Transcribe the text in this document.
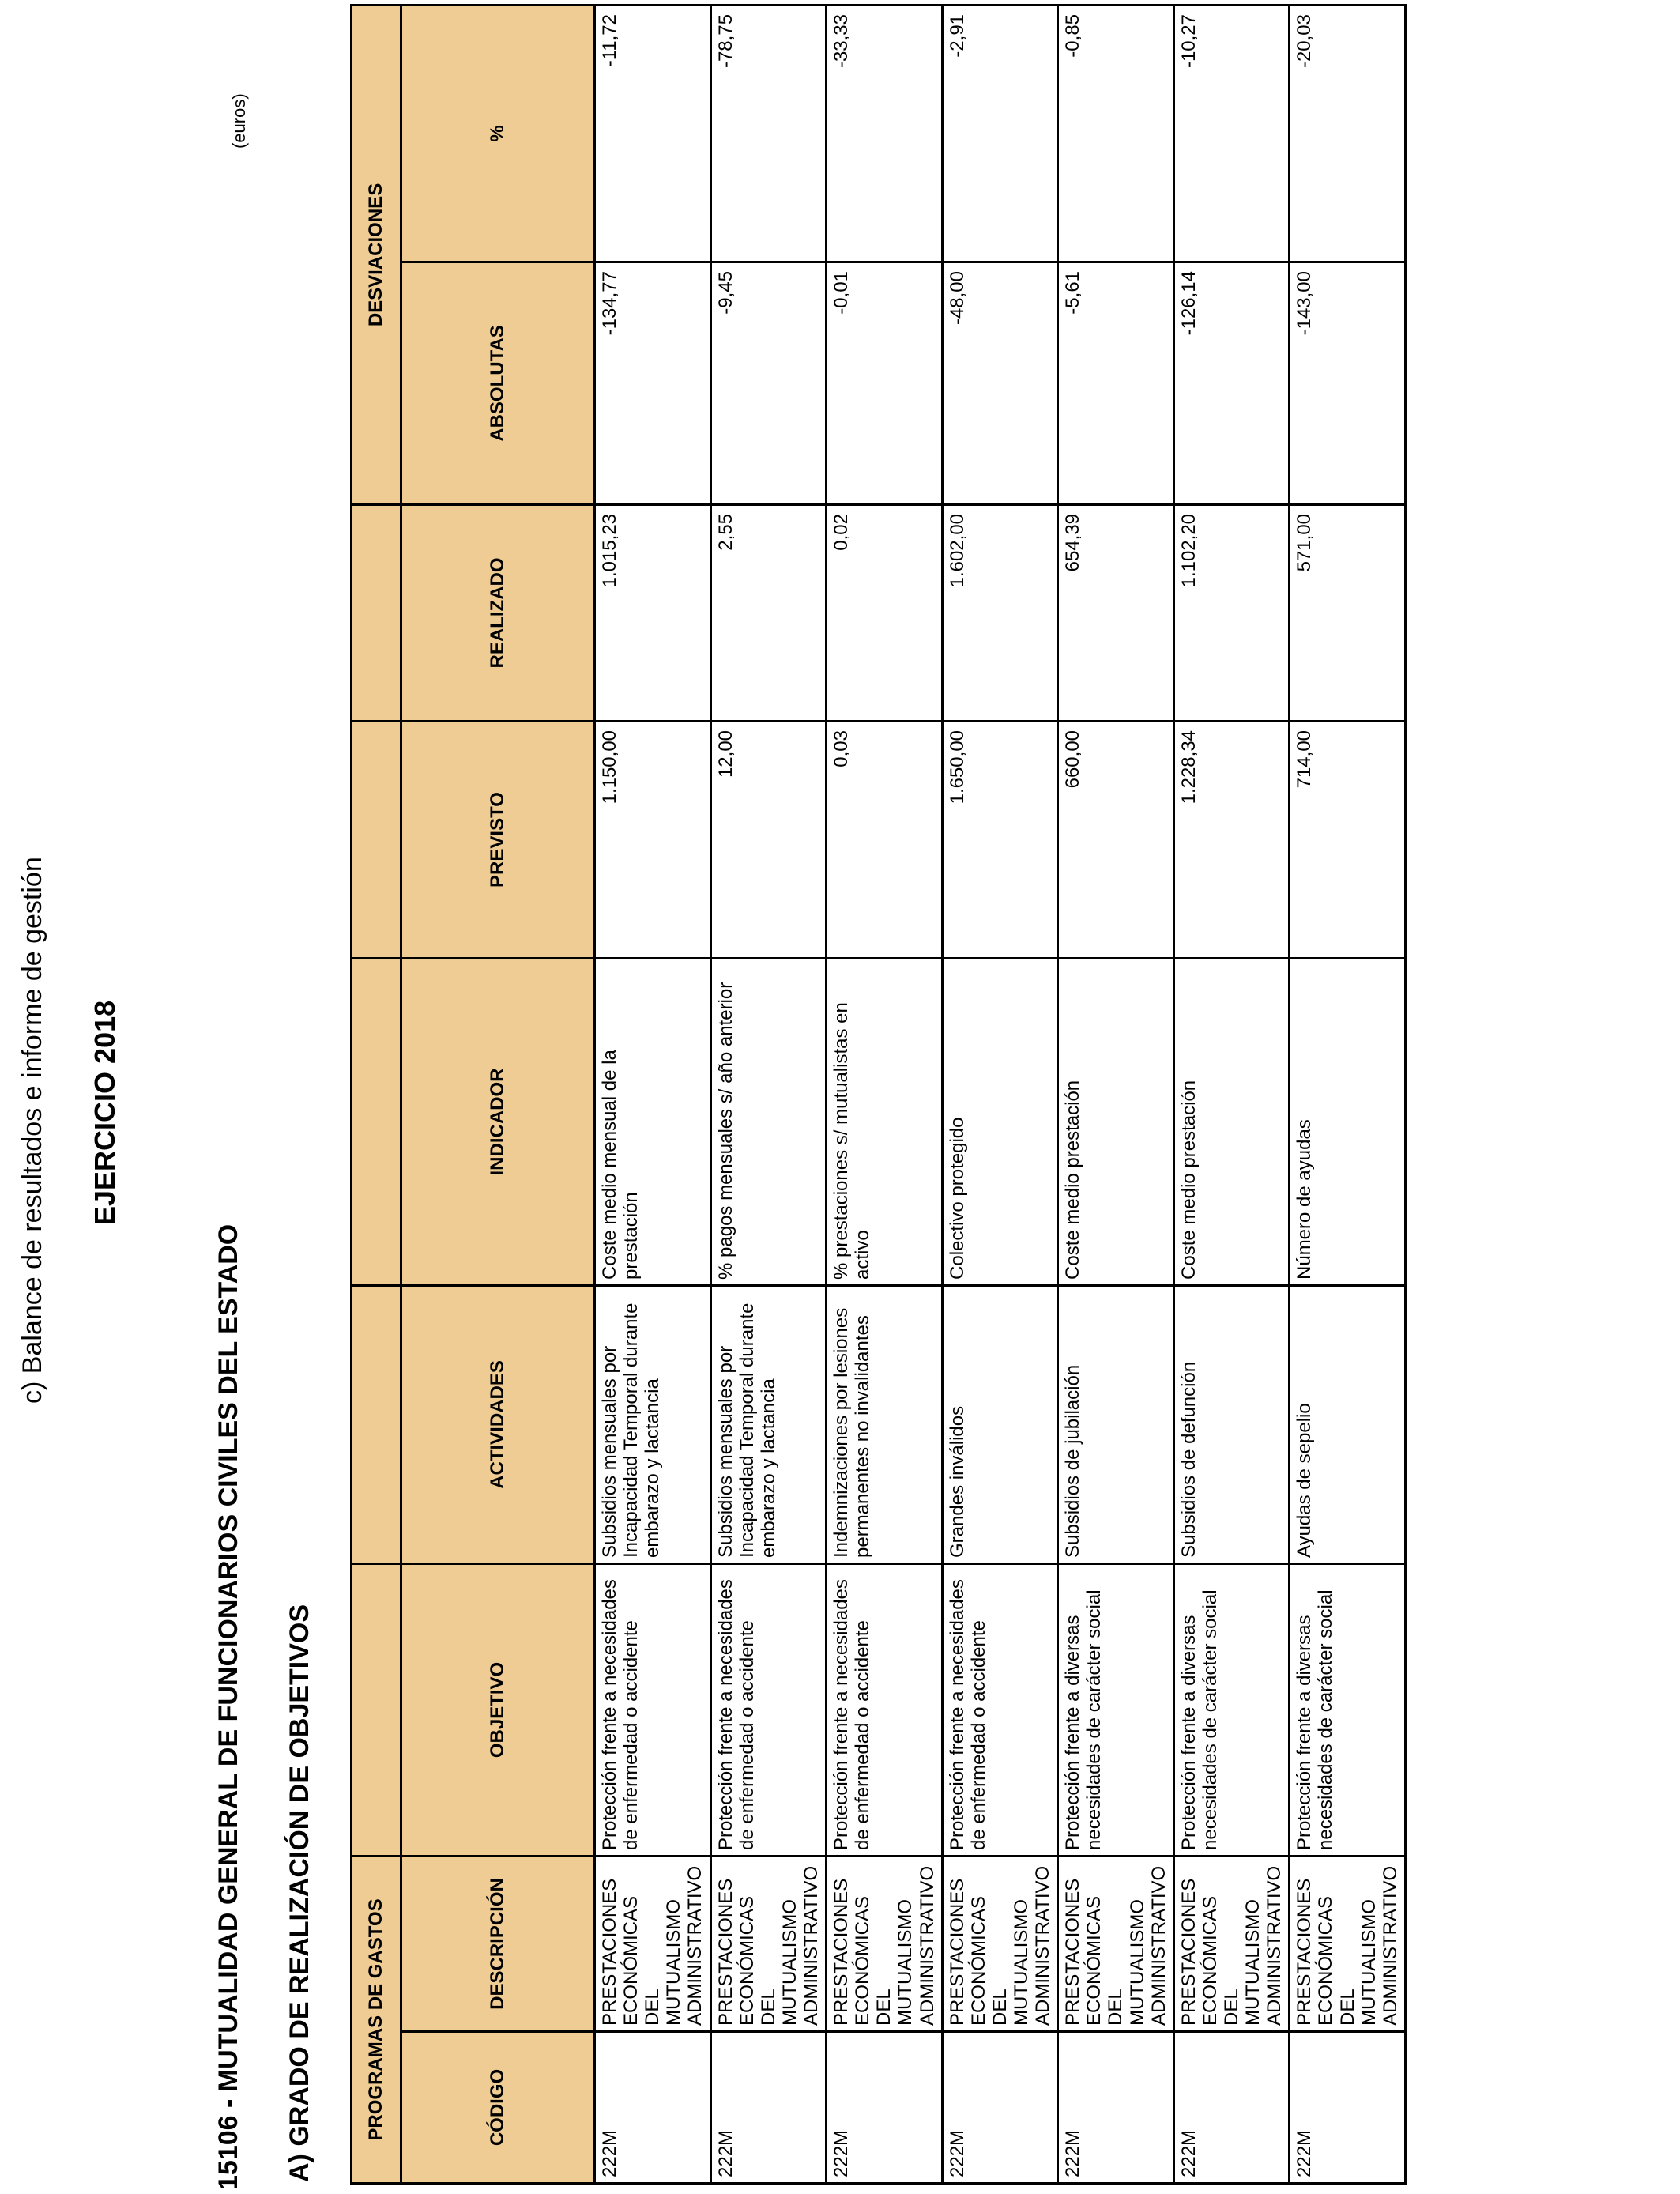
c) Balance de resultados e informe de gestión EJERCICIO 2018
15106 - MUTUALIDAD GENERAL DE FUNCIONARIOS CIVILES DEL ESTADO A) GRADO DE REALIZACIÓN DE OBJETIVOS
(euros)
PROGRAMAS DE GASTOS							DESVIACIONES	
CÓDIGO	DESCRIPCIÓN	OBJETIVO	ACTIVIDADES	INDICADOR	PREVISTO	REALIZADO	ABSOLUTAS	%
222M	PRESTACIONES ECONÓMICAS DEL MUTUALISMO ADMINISTRATIVO	Protección frente a necesidades de enfermedad o accidente	Subsidios mensuales por Incapacidad Temporal durante embarazo y lactancia	Coste medio mensual de la prestación	1.150,00	1.015,23	-134,77	-11,72
222M	PRESTACIONES ECONÓMICAS DEL MUTUALISMO ADMINISTRATIVO	Protección frente a necesidades de enfermedad o accidente	Subsidios mensuales por Incapacidad Temporal durante embarazo y lactancia	% pagos mensuales s/ año anterior	12,00	2,55	-9,45	-78,75
222M	PRESTACIONES ECONÓMICAS DEL MUTUALISMO ADMINISTRATIVO	Protección frente a necesidades de enfermedad o accidente	Indemnizaciones por lesiones permanentes no invalidantes	% prestaciones s/ mutualistas en activo	0,03	0,02	-0,01	-33,33
222M	PRESTACIONES ECONÓMICAS DEL MUTUALISMO ADMINISTRATIVO	Protección frente a necesidades de enfermedad o accidente	Grandes inválidos	Colectivo protegido	1.650,00	1.602,00	-48,00	-2,91
222M	PRESTACIONES ECONÓMICAS DEL MUTUALISMO ADMINISTRATIVO	Protección frente a diversas necesidades de carácter social	Subsidios de jubilación	Coste medio prestación	660,00	654,39	-5,61	-0,85
222M	PRESTACIONES ECONÓMICAS DEL MUTUALISMO ADMINISTRATIVO	Protección frente a diversas necesidades de carácter social	Subsidios de defunción	Coste medio prestación	1.228,34	1.102,20	-126,14	-10,27
222M	PRESTACIONES ECONÓMICAS DEL MUTUALISMO ADMINISTRATIVO	Protección frente a diversas necesidades de carácter social	Ayudas de sepelio	Número de ayudas	714,00	571,00	-143,00	-20,03
